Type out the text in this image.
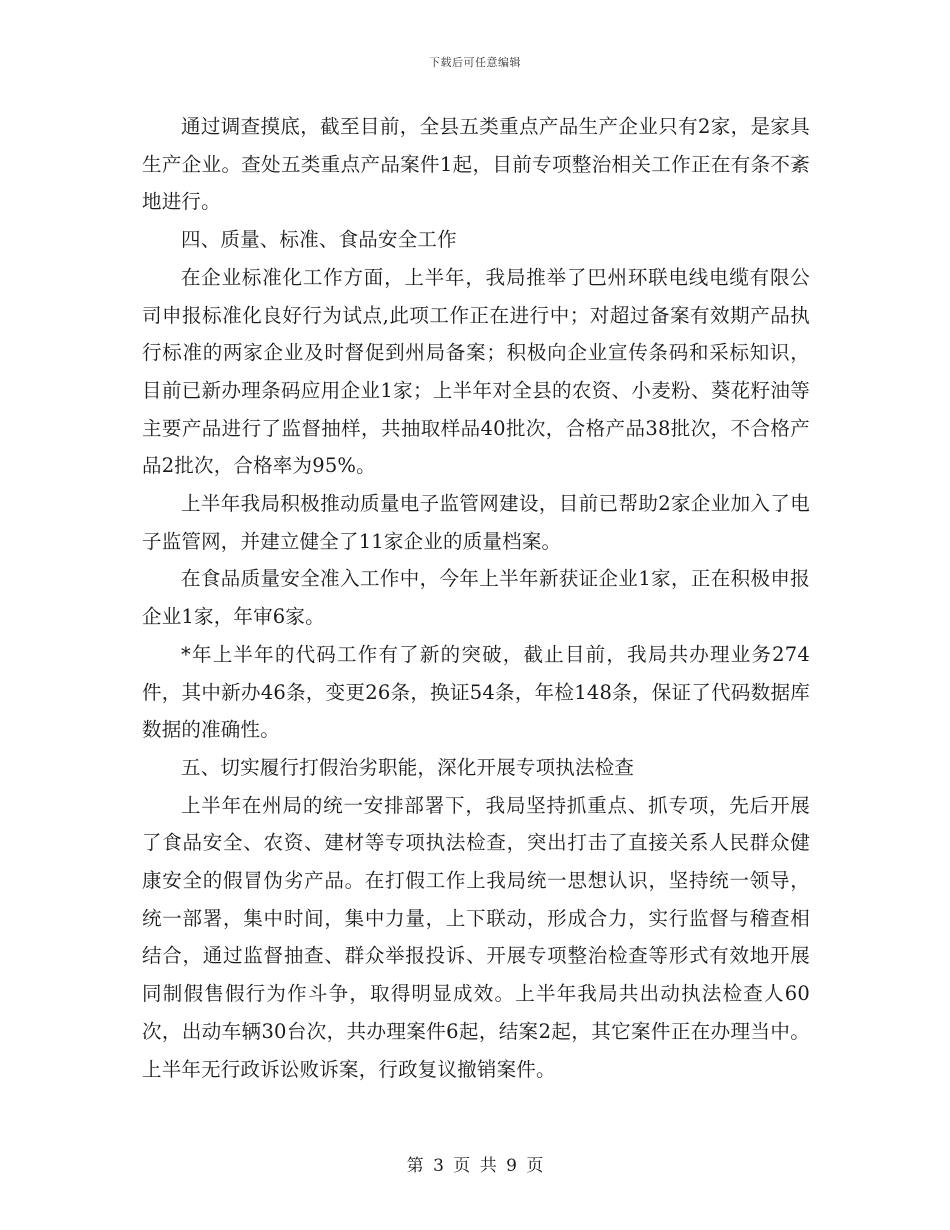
下载后可任意编辑

通过调查摸底，截至目前，全县五类重点产品生产企业只有2家，是家具生产企业。查处五类重点产品案件1起，目前专项整治相关工作正在有条不紊地进行。

四、质量、标准、食品安全工作

在企业标准化工作方面，上半年，我局推举了巴州环联电线电缆有限公司申报标准化良好行为试点,此项工作正在进行中；对超过备案有效期产品执行标准的两家企业及时督促到州局备案；积极向企业宣传条码和采标知识，目前已新办理条码应用企业1家；上半年对全县的农资、小麦粉、葵花籽油等主要产品进行了监督抽样，共抽取样品40批次，合格产品38批次，不合格产品2批次，合格率为95%。

上半年我局积极推动质量电子监管网建设，目前已帮助2家企业加入了电子监管网，并建立健全了11家企业的质量档案。

在食品质量安全准入工作中，今年上半年新获证企业1家，正在积极申报企业1家，年审6家。

*年上半年的代码工作有了新的突破，截止目前，我局共办理业务274件，其中新办46条，变更26条，换证54条，年检148条，保证了代码数据库数据的准确性。

五、切实履行打假治劣职能，深化开展专项执法检查

上半年在州局的统一安排部署下，我局坚持抓重点、抓专项，先后开展了食品安全、农资、建材等专项执法检查，突出打击了直接关系人民群众健康安全的假冒伪劣产品。在打假工作上我局统一思想认识，坚持统一领导，统一部署，集中时间，集中力量，上下联动，形成合力，实行监督与稽查相结合，通过监督抽查、群众举报投诉、开展专项整治检查等形式有效地开展同制假售假行为作斗争，取得明显成效。上半年我局共出动执法检查人60次，出动车辆30台次，共办理案件6起，结案2起，其它案件正在办理当中。上半年无行政诉讼败诉案，行政复议撤销案件。

第 3 页 共 9 页
